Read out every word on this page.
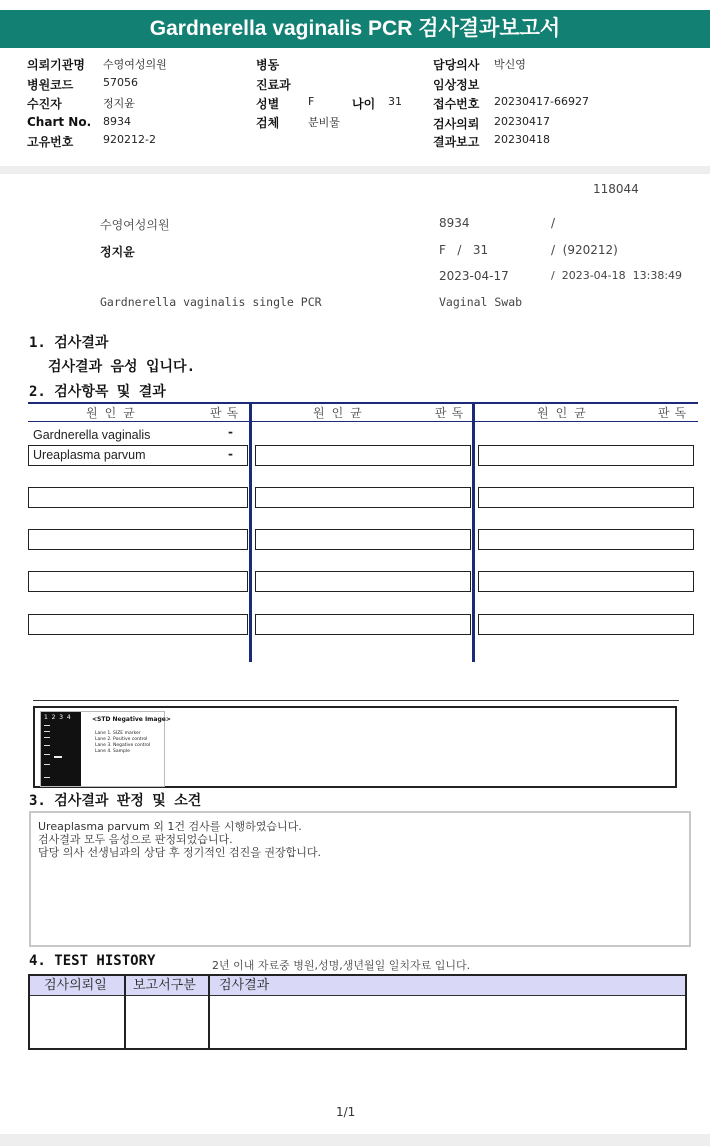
Gardnerella vaginalis PCR 검사결과보고서
의뢰기관명 수영여성의원
병원코드	57056
수진자	정지윤
Chart No. 8934
고유번호	920212-2
병동
진료과
성별	F	나이 31
검체	분비물
담당의사 박신영
임상정보
접수번호 20230417-66927
검사의뢰 20230417
결과보고 20230418
118044
수영여성의원	8934	/
정지윤	F   /   31	/  (920212)
2023-04-17	/  2023-04-18  13:38:49
Gardnerella vaginalis single PCR	Vaginal Swab
1. 검사결과
검사결과 음성 입니다.
2. 검사항목 및 결과
원인균	판독	원인균	판독	원인균	판독
Gardnerella vaginalis	-
Ureaplasma parvum	-
1  2  3  4	<STD Negative Image>
Lane 1. SIZE marker
Lane 2. Positive control
Lane 3. Negative control
Lane 4. Sample
3. 검사결과 판정 및 소견
Ureaplasma parvum 외 1건 검사를 시행하였습니다.
검사결과 모두 음성으로 판정되었습니다.
담당 의사 선생님과의 상담 후 정기적인 검진을 권장합니다.
4. TEST HISTORY	2년 이내 자료중 병원,성명,생년월일 일치자료 입니다.
검사의뢰일 보고서구분 검사결과
1/1
